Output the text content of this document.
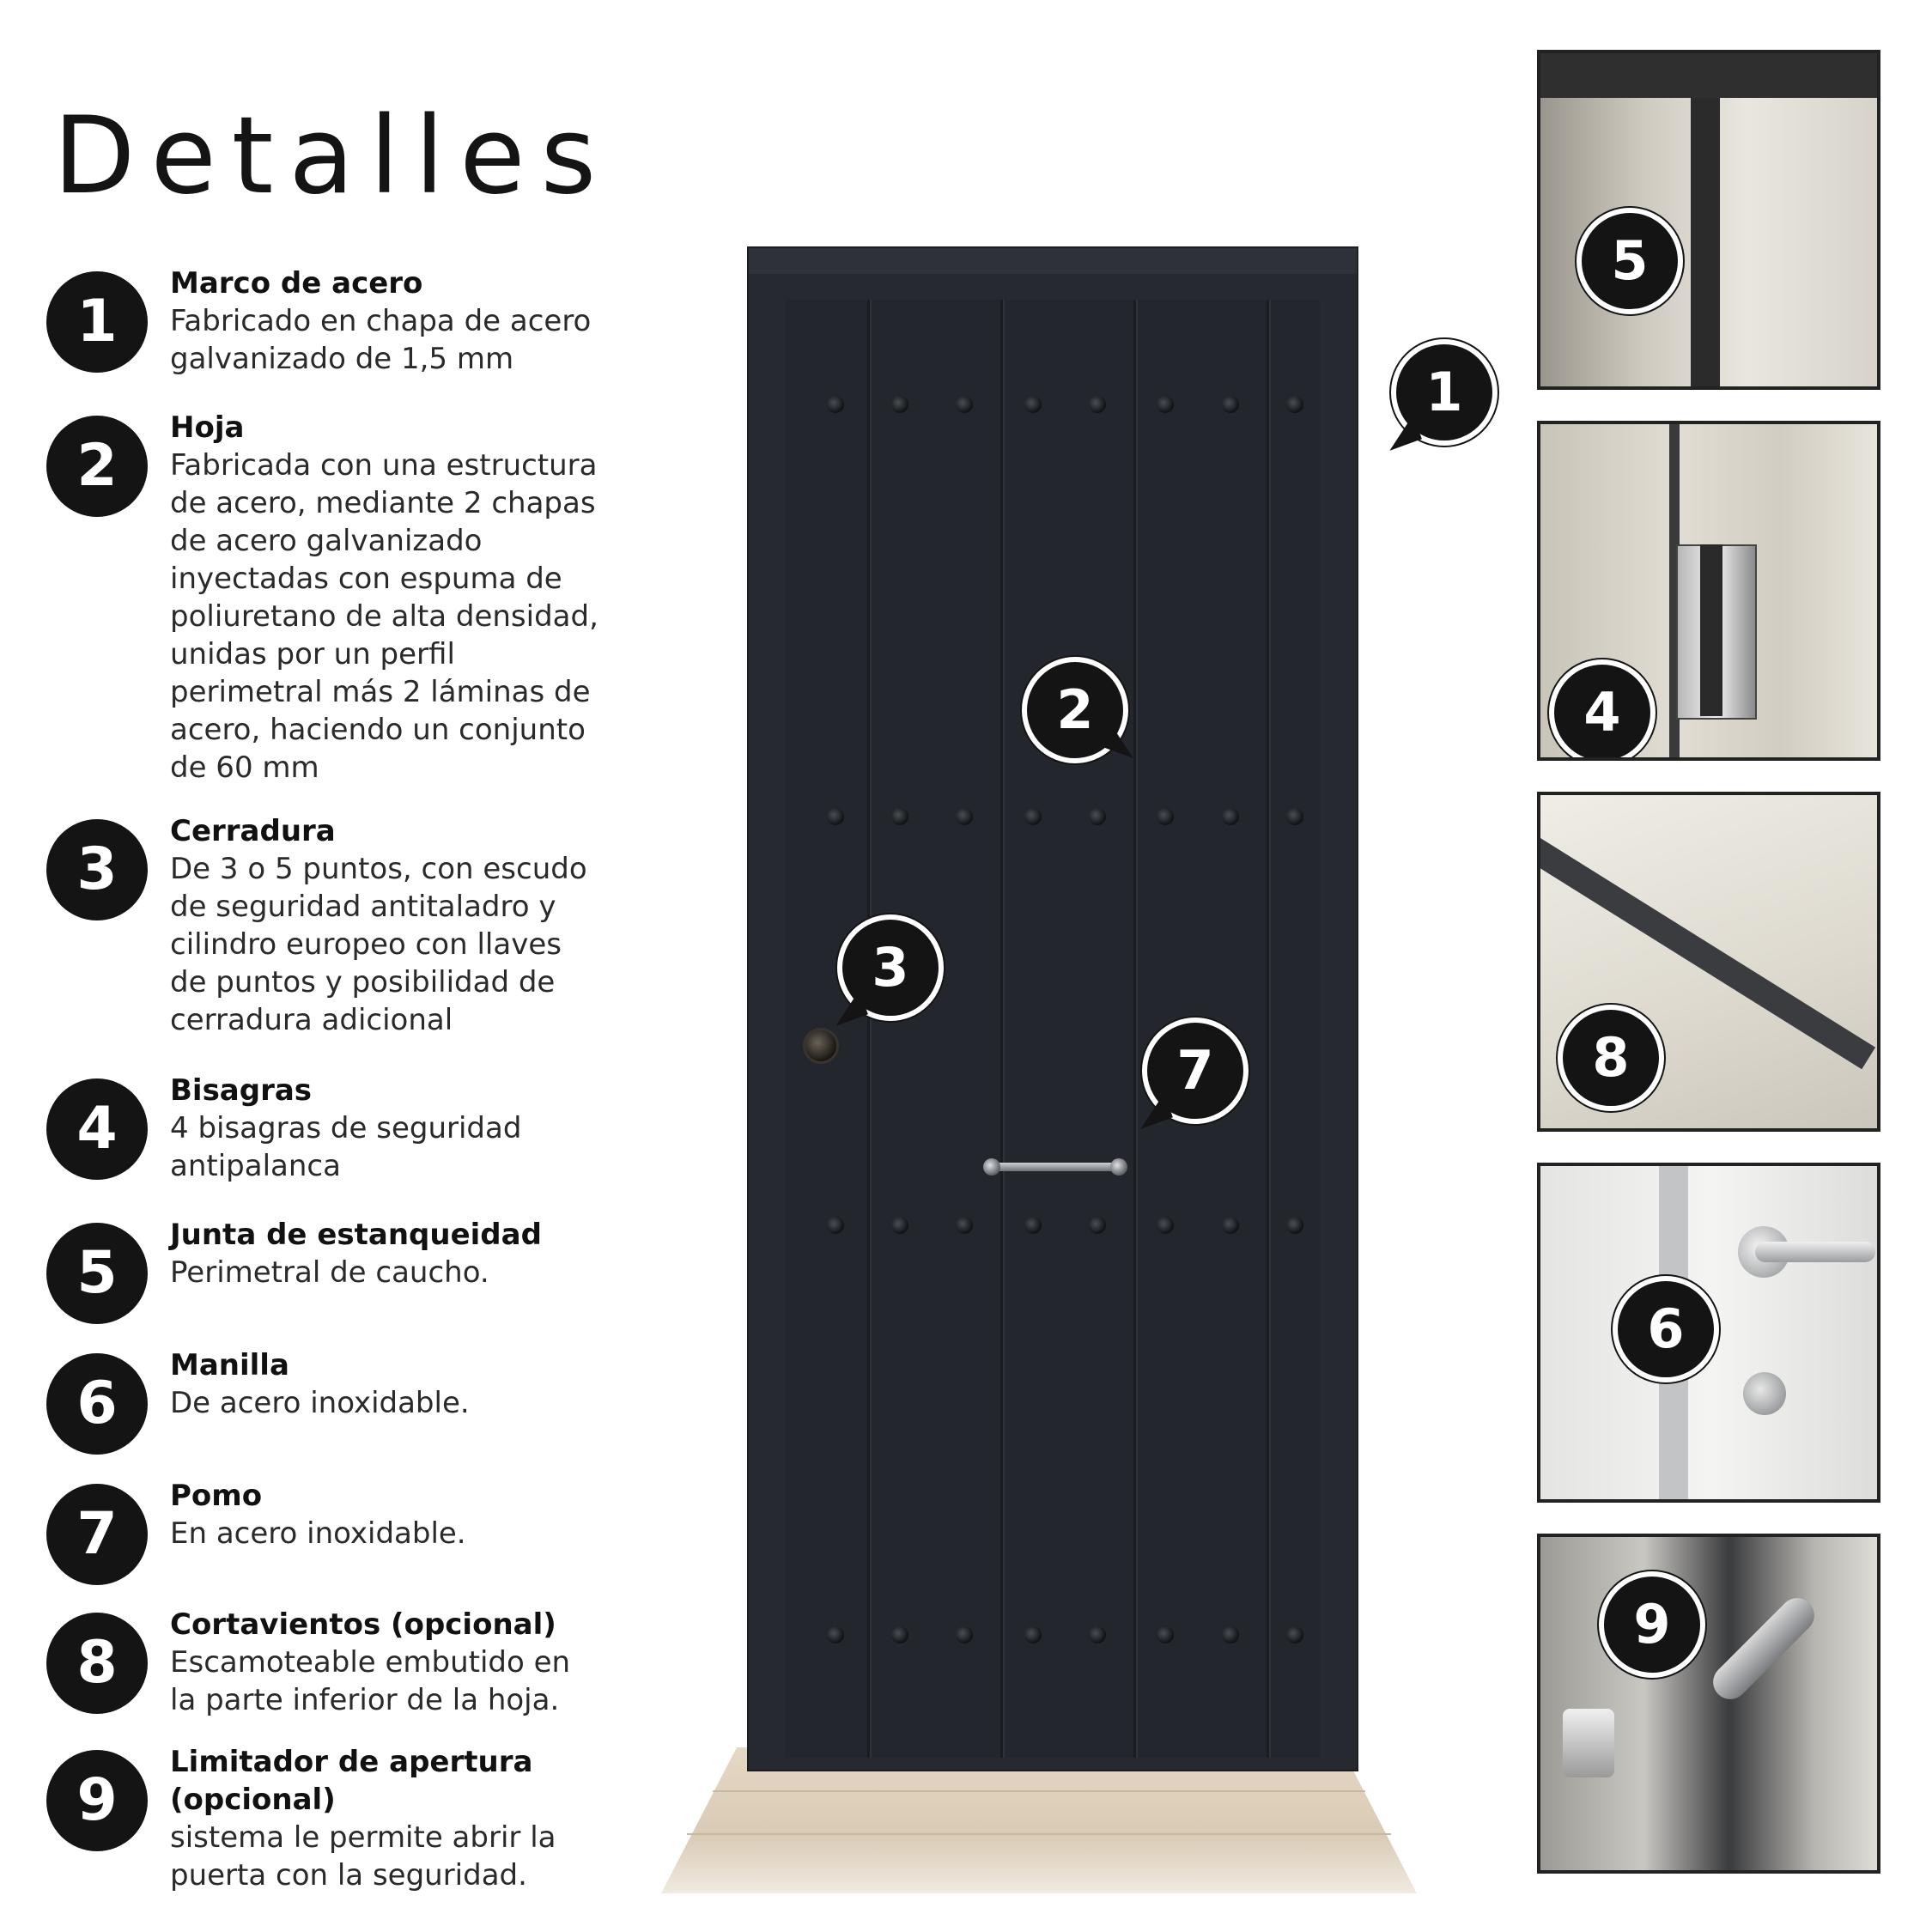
Detalles
1
Marco de acero
Fabricado en chapa de acero
galvanizado de 1,5 mm
2
Hoja
Fabricada con una estructura
de acero, mediante 2 chapas
de acero galvanizado
inyectadas con espuma de
poliuretano de alta densidad,
unidas por un perfil
perimetral más 2 láminas de
acero, haciendo un conjunto
de 60 mm
3
Cerradura
De 3 o 5 puntos, con escudo
de seguridad antitaladro y
cilindro europeo con llaves
de puntos y posibilidad de
cerradura adicional
4
Bisagras
4 bisagras de seguridad
antipalanca
5
Junta de estanqueidad
Perimetral de caucho.
6
Manilla
De acero inoxidable.
7
Pomo
En acero inoxidable.
8
Cortavientos (opcional)
Escamoteable embutido en
la parte inferior de la hoja.
9
Limitador de apertura
(opcional)
sistema le permite abrir la
puerta con la seguridad.
1
2
3
7
5
4
8
6
9
